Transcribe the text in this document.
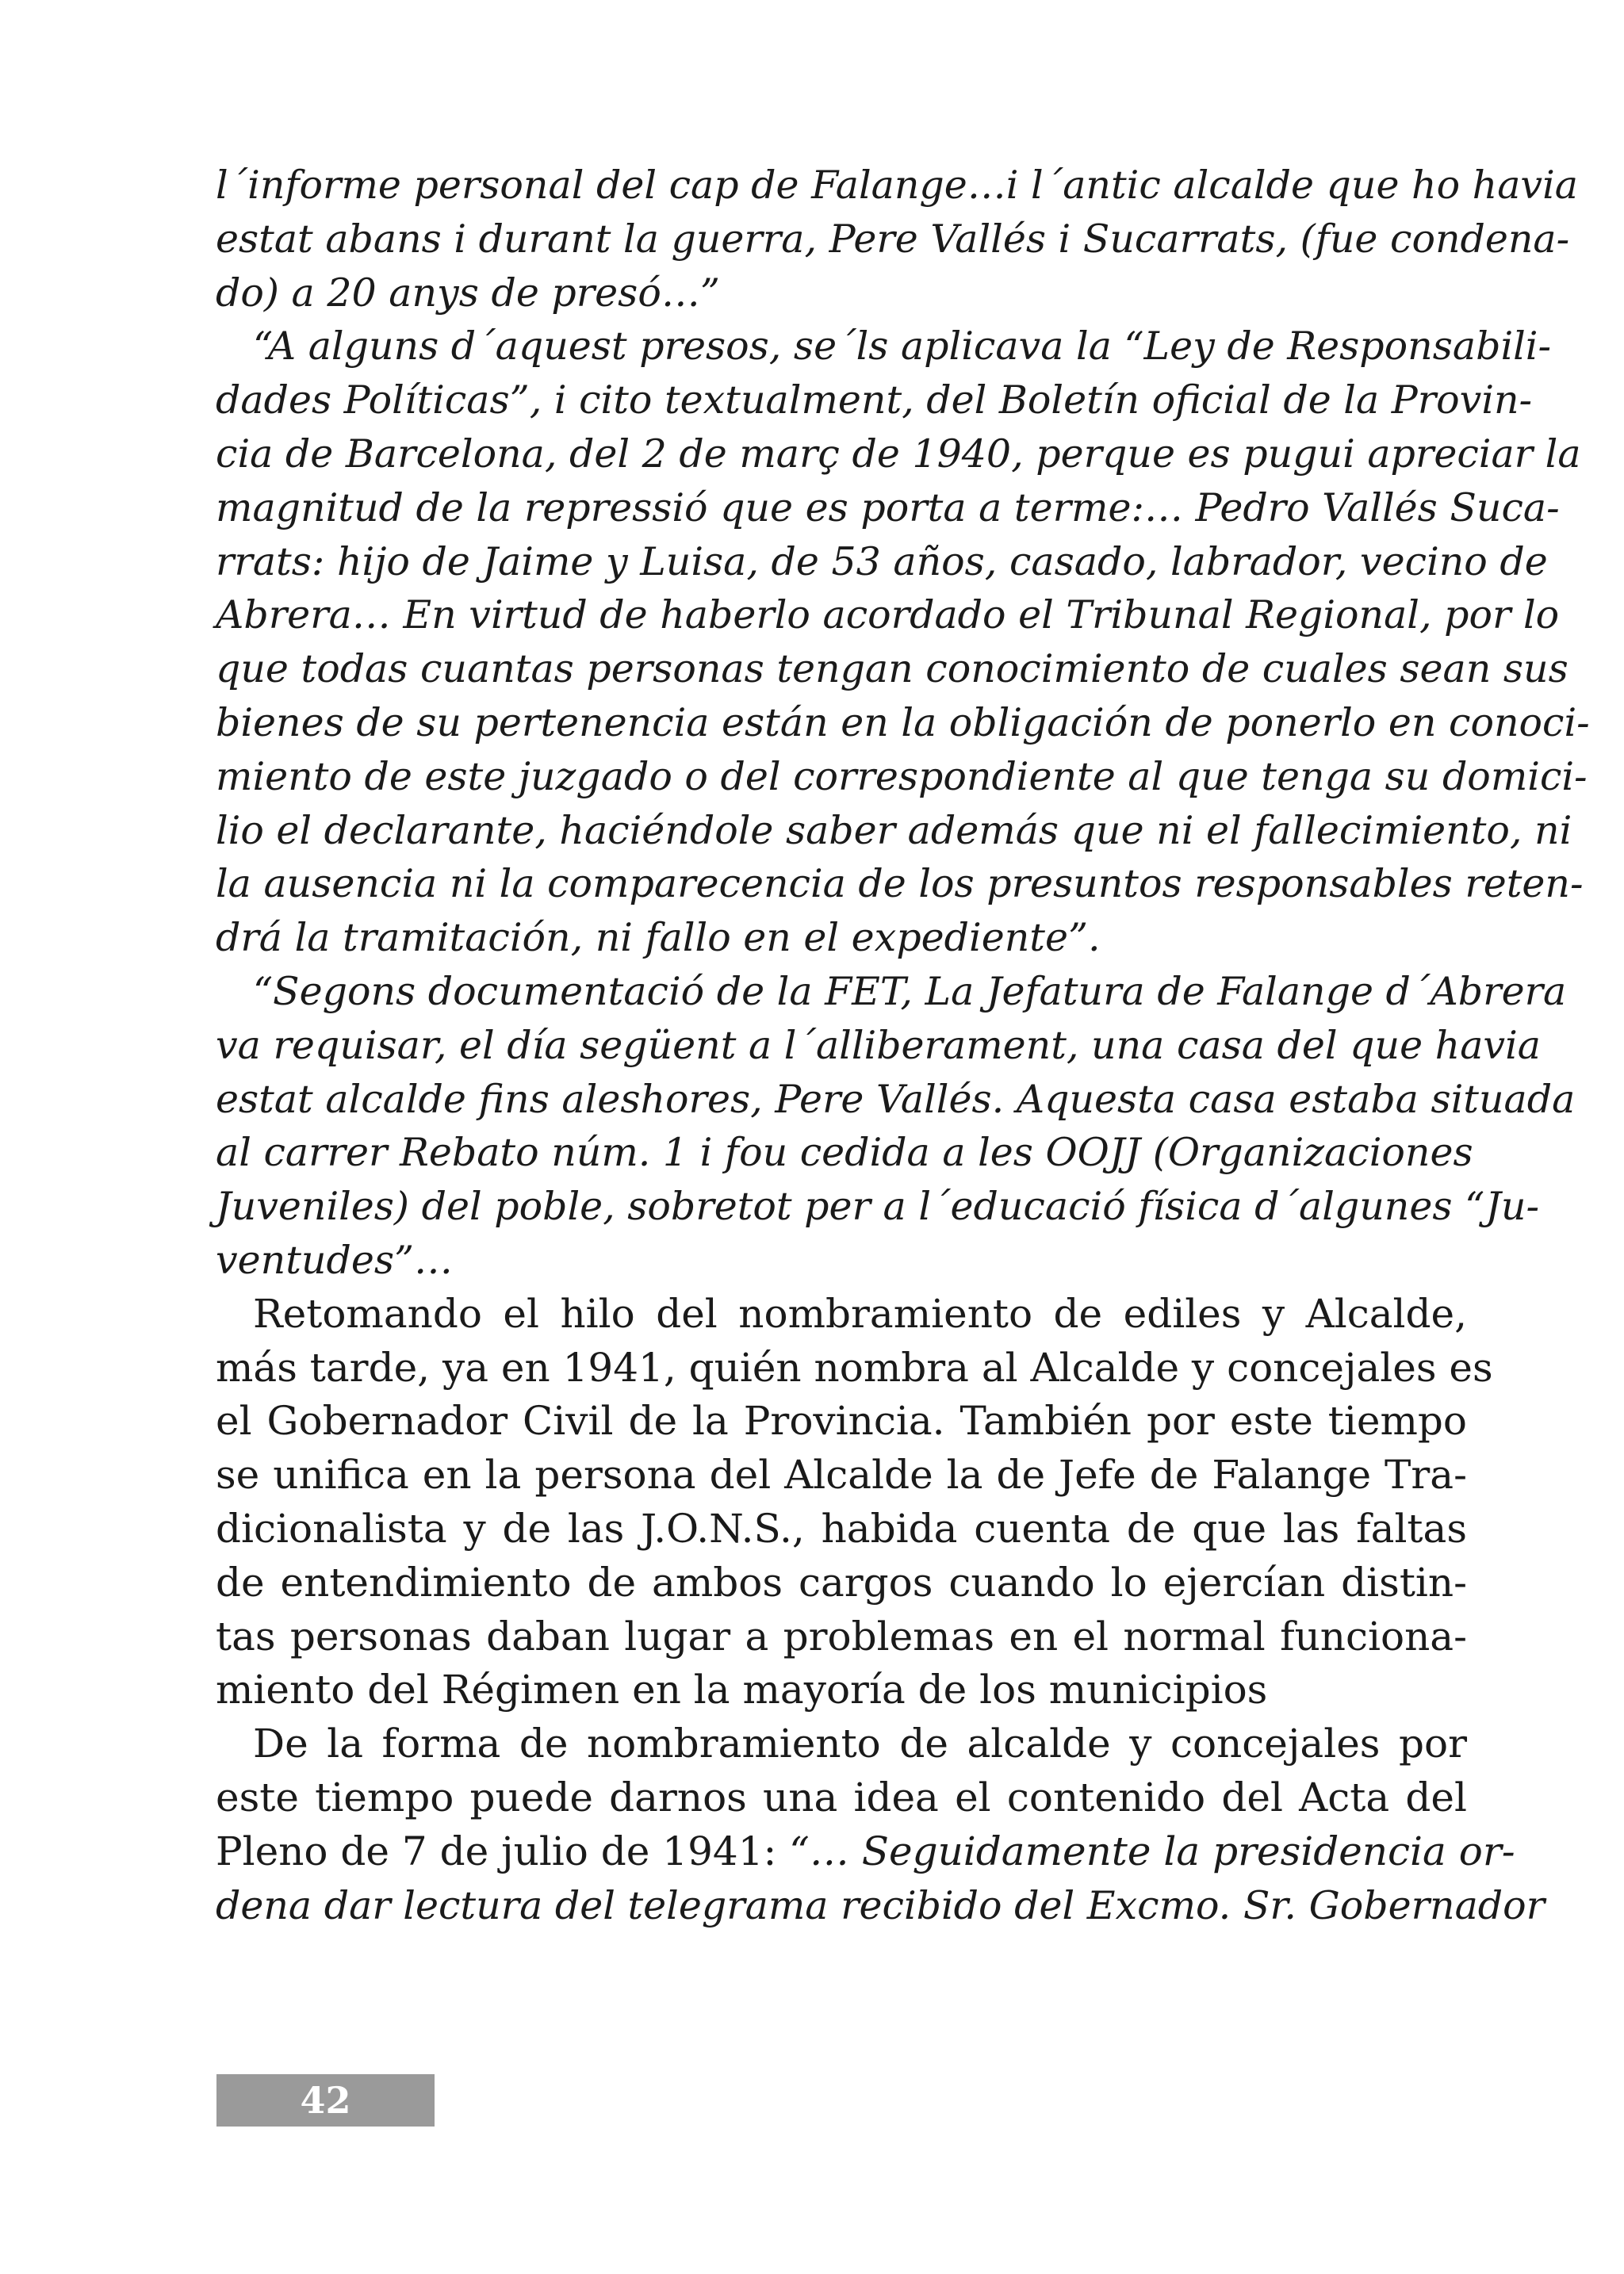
l´informe personal del cap de Falange…i l´antic alcalde que ho havia
estat abans i durant la guerra, Pere Vallés i Sucarrats, (fue condena-
do) a 20 anys de presó…”
“A alguns d´aquest presos, se´ls aplicava la “Ley de Responsabili-
dades Políticas”, i cito textualment, del Boletín oficial de la Provin-
cia de Barcelona, del 2 de març de 1940, perque es pugui apreciar la
magnitud de la repressió que es porta a terme:… Pedro Vallés Suca-
rrats: hijo de Jaime y Luisa, de 53 años, casado, labrador, vecino de
Abrera… En virtud de haberlo acordado el Tribunal Regional, por lo
que todas cuantas personas tengan conocimiento de cuales sean sus
bienes de su pertenencia están en la obligación de ponerlo en conoci-
miento de este juzgado o del correspondiente al que tenga su domici-
lio el declarante, haciéndole saber además que ni el fallecimiento, ni
la ausencia ni la comparecencia de los presuntos responsables reten-
drá la tramitación, ni fallo en el expediente”.
“Segons documentació de la FET, La Jefatura de Falange d´Abrera
va requisar, el día següent a l´alliberament, una casa del que havia
estat alcalde fins aleshores, Pere Vallés. Aquesta casa estaba situada
al carrer Rebato núm. 1 i fou cedida a les OOJJ (Organizaciones
Juveniles) del poble, sobretot per a l´educació física d´algunes “Ju-
ventudes”…
Retomando el hilo del nombramiento de ediles y Alcalde,
más tarde, ya en 1941, quién nombra al Alcalde y concejales es
el Gobernador Civil de la Provincia. También por este tiempo
se unifica en la persona del Alcalde la de Jefe de Falange Tra-
dicionalista y de las J.O.N.S., habida cuenta de que las faltas
de entendimiento de ambos cargos cuando lo ejercían distin-
tas personas daban lugar a problemas en el normal funciona-
miento del Régimen en la mayoría de los municipios
De la forma de nombramiento de alcalde y concejales por
este tiempo puede darnos una idea el contenido del Acta del
Pleno de 7 de julio de 1941: “… Seguidamente la presidencia or-
dena dar lectura del telegrama recibido del Excmo. Sr. Gobernador
42
